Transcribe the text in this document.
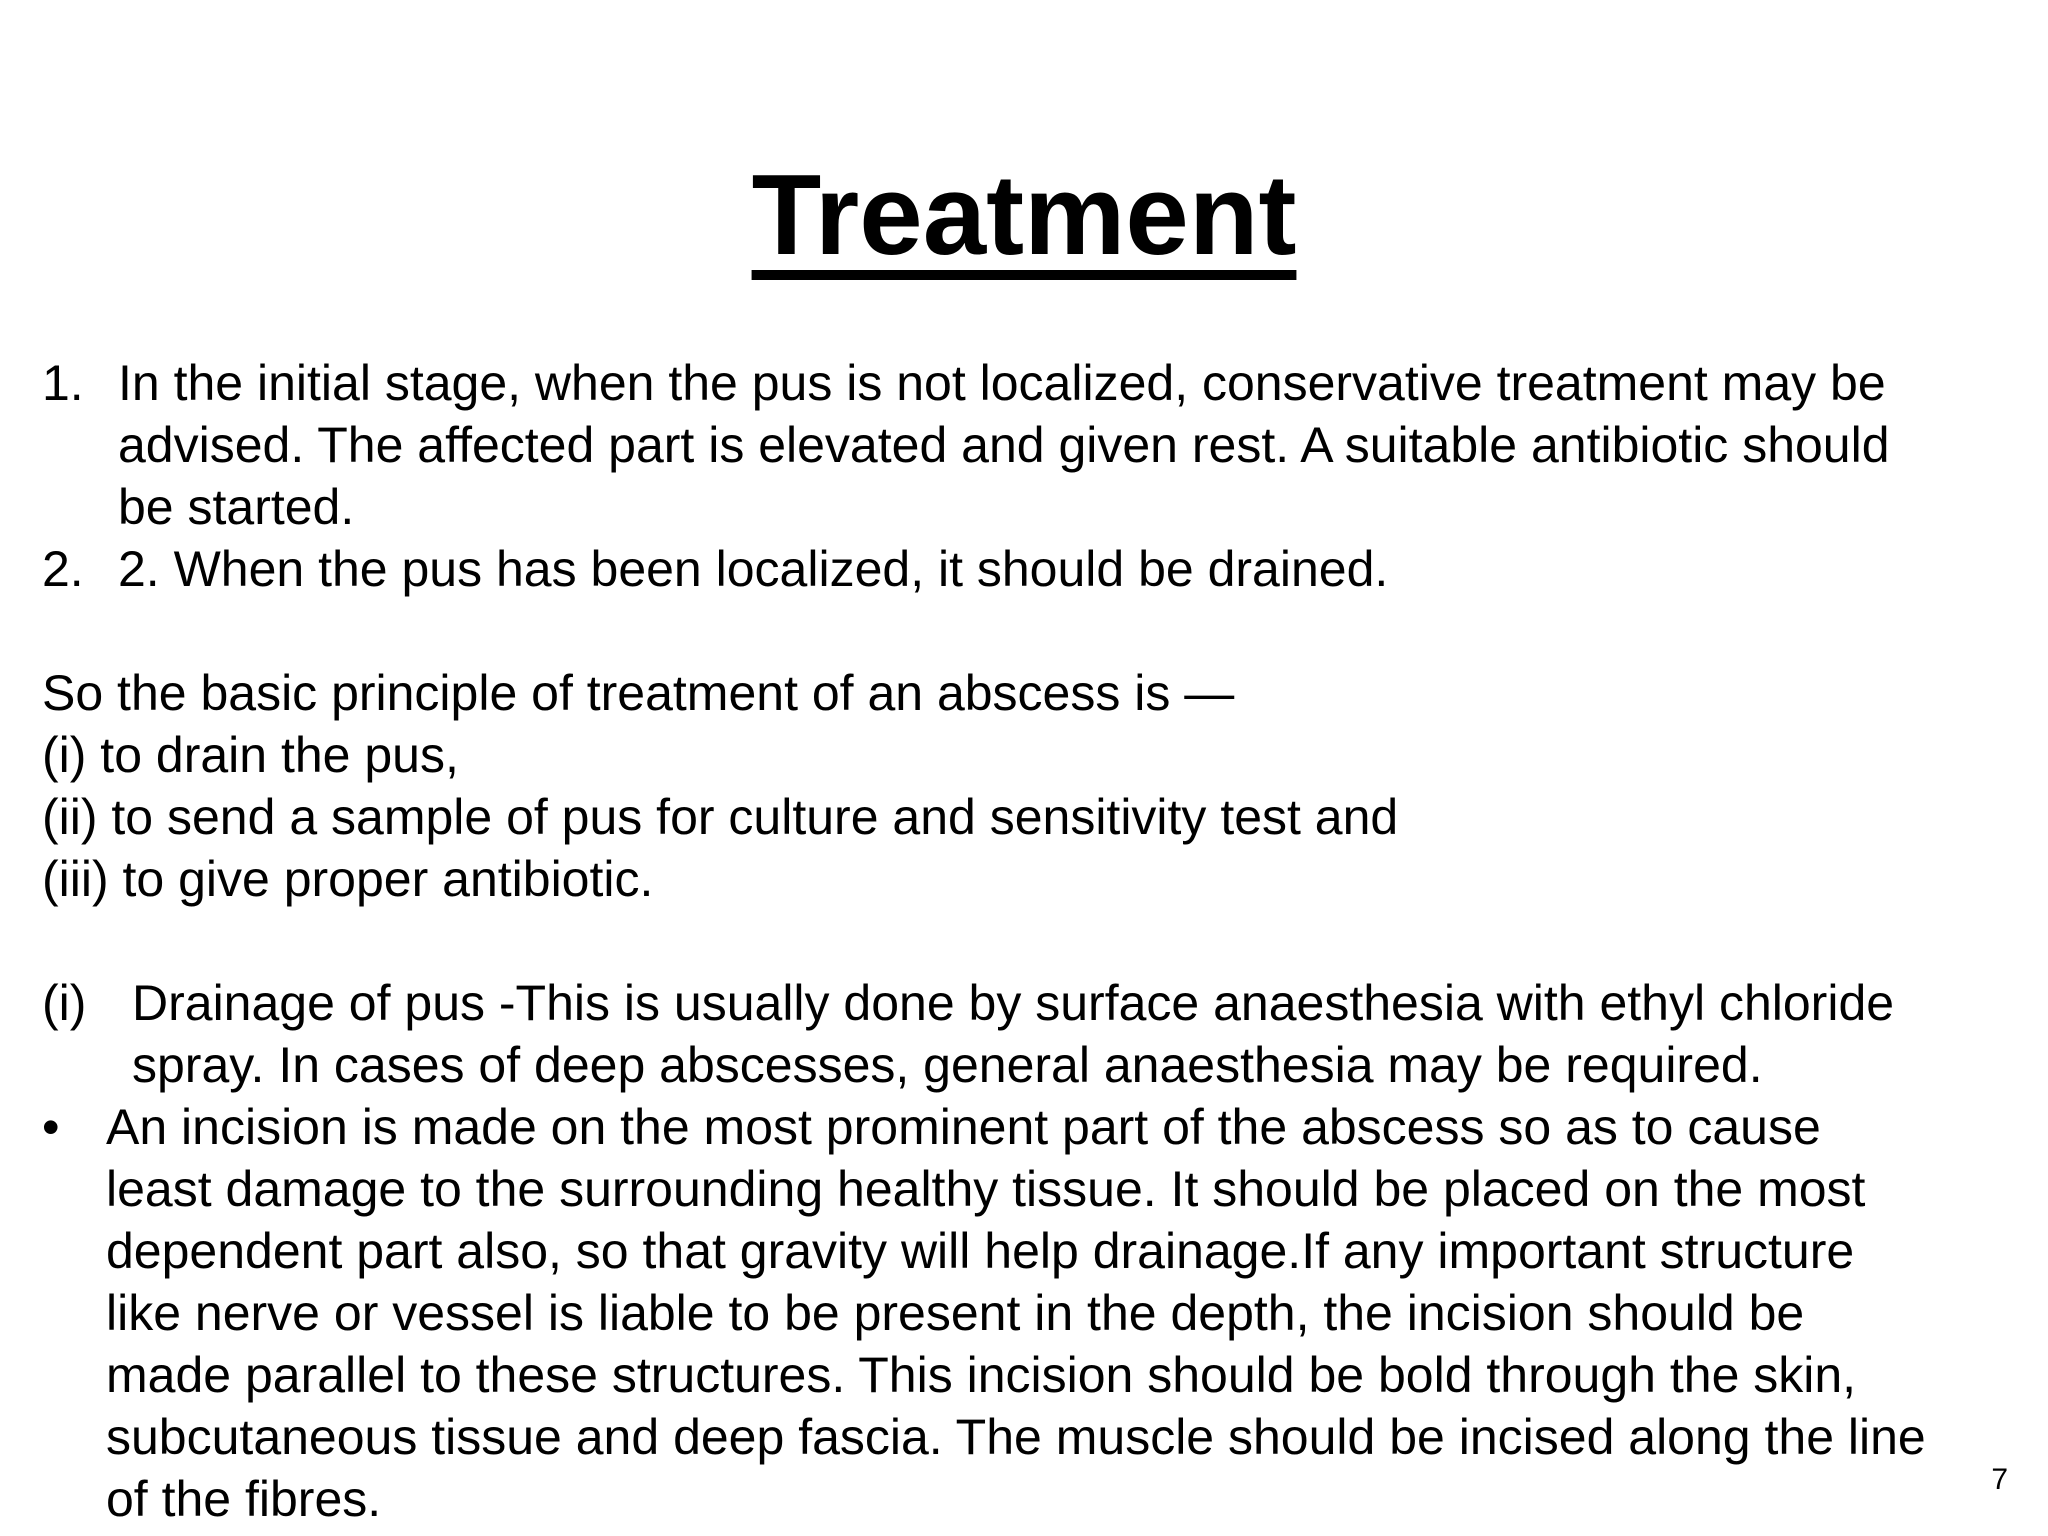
Treatment
1. In the initial stage, when the pus is not localized, conservative treatment may be
advised. The affected part is elevated and given rest. A suitable antibiotic should
be started.
2. 2. When the pus has been localized, it should be drained.
So the basic principle of treatment of an abscess is —
(i) to drain the pus,
(ii) to send a sample of pus for culture and sensitivity test and
(iii) to give proper antibiotic.
(i) Drainage of pus -This is usually done by surface anaesthesia with ethyl chloride
spray. In cases of deep abscesses, general anaesthesia may be required.
• An incision is made on the most prominent part of the abscess so as to cause
least damage to the surrounding healthy tissue. It should be placed on the most
dependent part also, so that gravity will help drainage.If any important structure
like nerve or vessel is liable to be present in the depth, the incision should be
made parallel to these structures. This incision should be bold through the skin,
subcutaneous tissue and deep fascia. The muscle should be incised along the line
of the fibres.	7
